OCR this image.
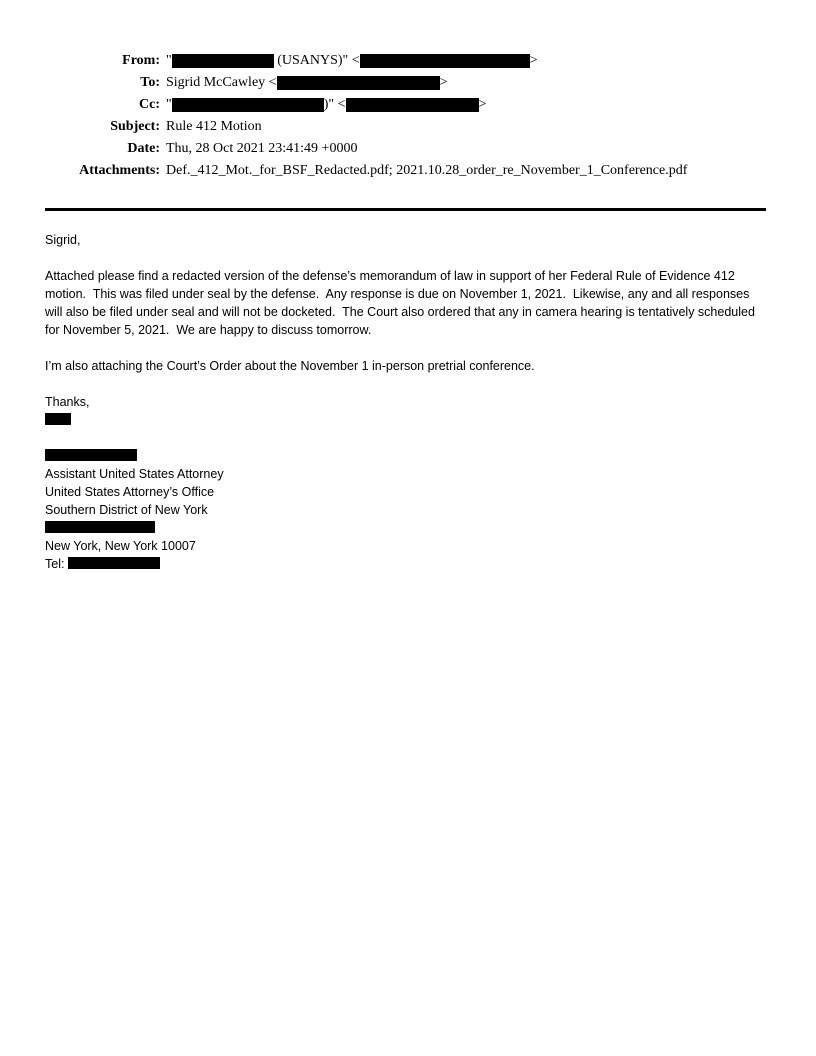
From: "	(USANYS)" <	>
To: Sigrid McCawley <	>
Cc: "	)" <	>
Subject: Rule 412 Motion
Date: Thu, 28 Oct 2021 23:41:49 +0000
Attachments: Def._412_Mot._for_BSF_Redacted.pdf; 2021.10.28_order_re_November_1_Conference.pdf

Sigrid,

Attached please find a redacted version of the defense’s memorandum of law in support of her Federal Rule of Evidence 412 motion.  This was filed under seal by the defense.  Any response is due on November 1, 2021.  Likewise, any and all responses will also be filed under seal and will not be docketed.  The Court also ordered that any in camera hearing is tentatively scheduled for November 5, 2021.  We are happy to discuss tomorrow.

I’m also attaching the Court’s Order about the November 1 in-person pretrial conference.

Thanks,

Assistant United States Attorney
United States Attorney’s Office
Southern District of New York
New York, New York 10007
Tel:
